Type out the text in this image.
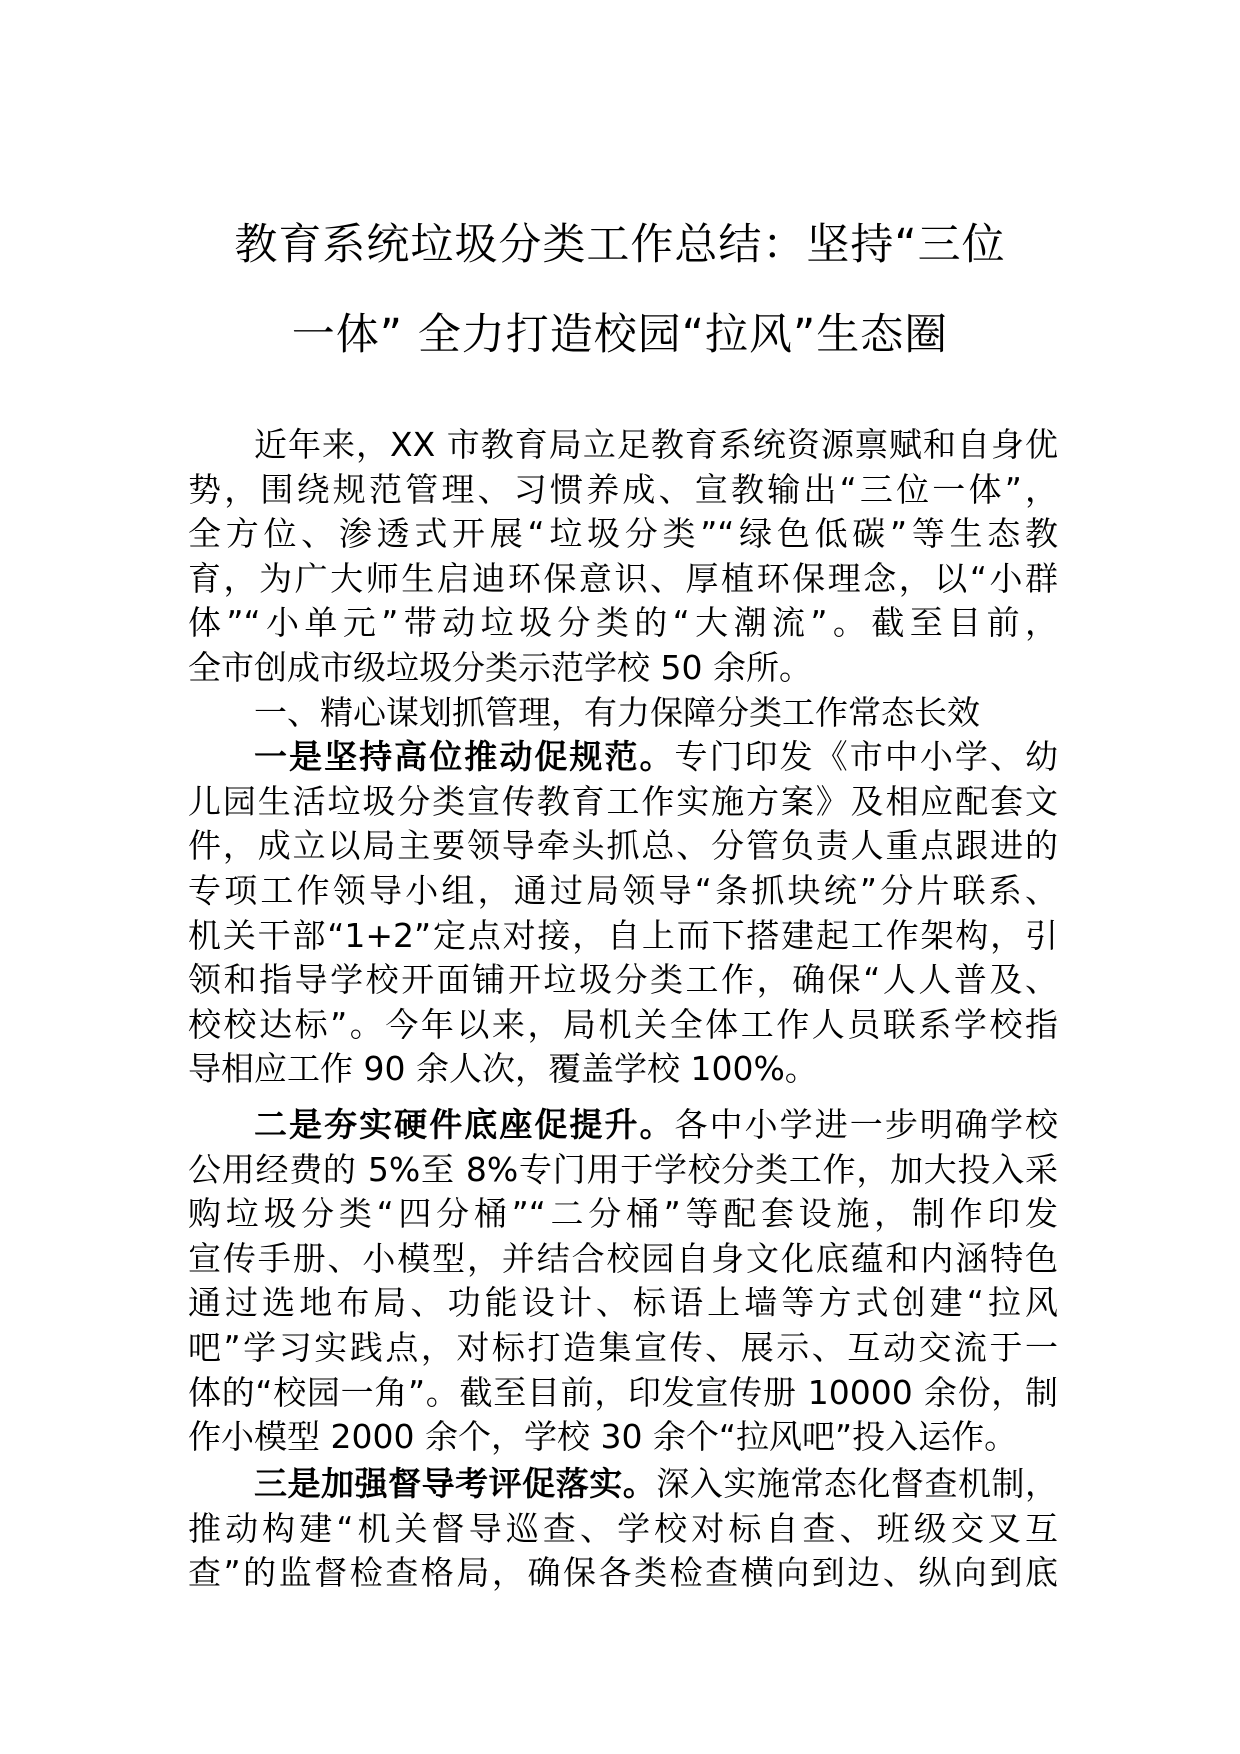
教育系统垃圾分类工作总结：坚持“三位
一体” 全力打造校园“拉风”生态圈
近年来，XX 市教育局立足教育系统资源禀赋和自身优
势，围绕规范管理、习惯养成、宣教输出“三位一体”，
全方位、渗透式开展“垃圾分类”“绿色低碳”等生态教
育，为广大师生启迪环保意识、厚植环保理念，以“小群
体”“小单元”带动垃圾分类的“大潮流”。截至目前，
全市创成市级垃圾分类示范学校 50 余所。
一、精心谋划抓管理，有力保障分类工作常态长效
一是坚持高位推动促规范。专门印发《市中小学、幼
儿园生活垃圾分类宣传教育工作实施方案》及相应配套文
件，成立以局主要领导牵头抓总、分管负责人重点跟进的
专项工作领导小组，通过局领导“条抓块统”分片联系、
机关干部“1+2”定点对接，自上而下搭建起工作架构，引
领和指导学校开面铺开垃圾分类工作，确保“人人普及、
校校达标”。今年以来，局机关全体工作人员联系学校指
导相应工作 90 余人次，覆盖学校 100%。
二是夯实硬件底座促提升。各中小学进一步明确学校
公用经费的 5%至 8%专门用于学校分类工作，加大投入采
购垃圾分类“四分桶”“二分桶”等配套设施，制作印发
宣传手册、小模型，并结合校园自身文化底蕴和内涵特色
通过选地布局、功能设计、标语上墙等方式创建“拉风
吧”学习实践点，对标打造集宣传、展示、互动交流于一
体的“校园一角”。截至目前，印发宣传册 10000 余份，制
作小模型 2000 余个，学校 30 余个“拉风吧”投入运作。
三是加强督导考评促落实。深入实施常态化督查机制，
推动构建“机关督导巡查、学校对标自查、班级交叉互
查”的监督检查格局，确保各类检查横向到边、纵向到底
